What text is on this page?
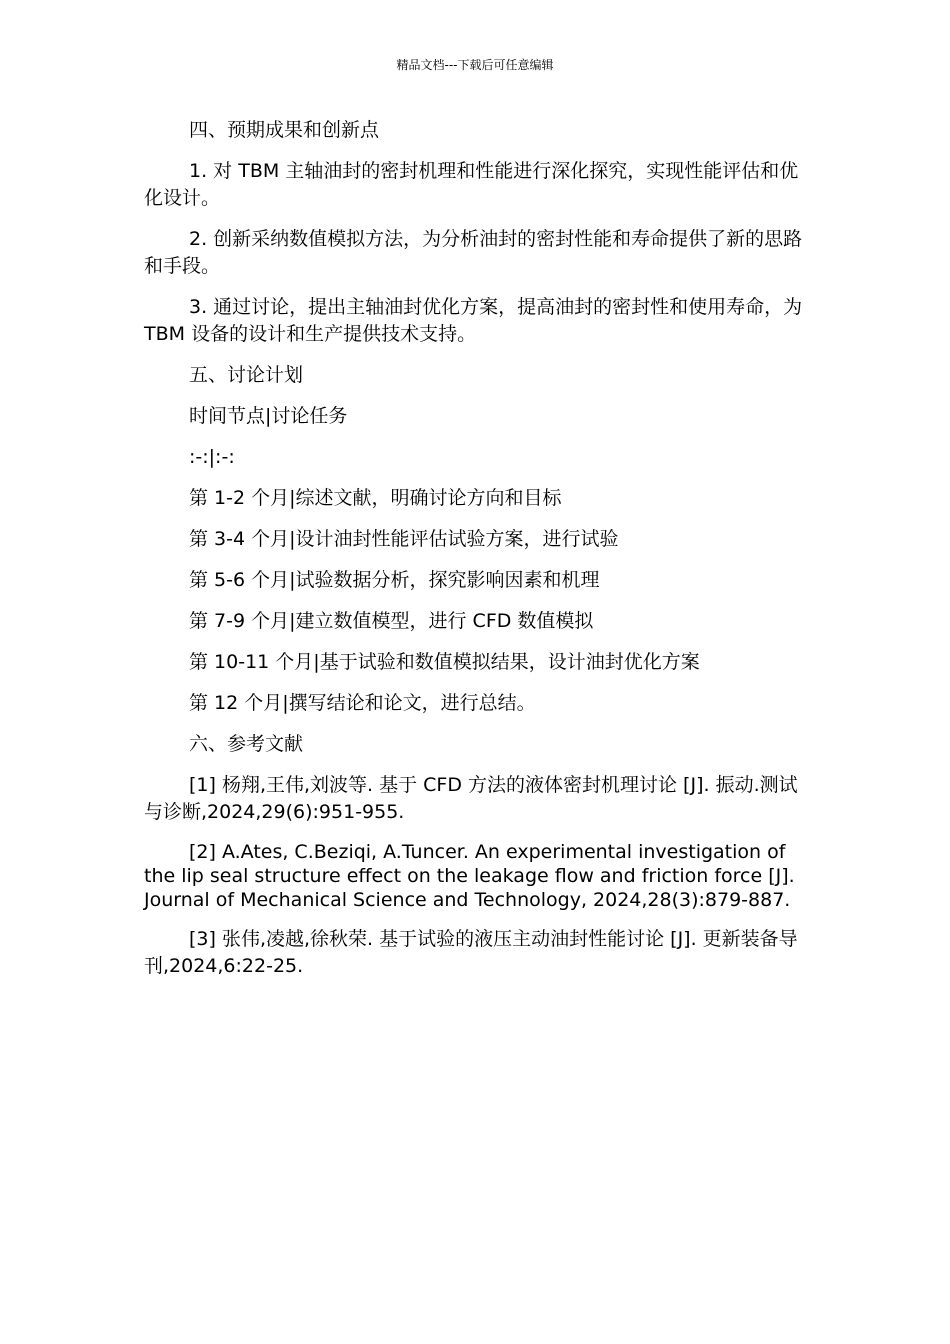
精品文档---下载后可任意编辑

四、预期成果和创新点

1. 对 TBM 主轴油封的密封机理和性能进行深化探究，实现性能评估和优化设计。

2. 创新采纳数值模拟方法，为分析油封的密封性能和寿命提供了新的思路和手段。

3. 通过讨论，提出主轴油封优化方案，提高油封的密封性和使用寿命，为 TBM 设备的设计和生产提供技术支持。

五、讨论计划

时间节点|讨论任务

:-:|:-:

第 1-2 个月|综述文献，明确讨论方向和目标

第 3-4 个月|设计油封性能评估试验方案，进行试验

第 5-6 个月|试验数据分析，探究影响因素和机理

第 7-9 个月|建立数值模型，进行 CFD 数值模拟

第 10-11 个月|基于试验和数值模拟结果，设计油封优化方案

第 12 个月|撰写结论和论文，进行总结。

六、参考文献

[1] 杨翔,王伟,刘波等. 基于 CFD 方法的液体密封机理讨论 [J]. 振动.测试与诊断,2024,29(6):951-955.

[2] A.Ates, C.Beziqi, A.Tuncer. An experimental investigation of the lip seal structure effect on the leakage flow and friction force [J]. Journal of Mechanical Science and Technology, 2024,28(3):879-887.

[3] 张伟,凌越,徐秋荣. 基于试验的液压主动油封性能讨论 [J]. 更新装备导刊,2024,6:22-25.
